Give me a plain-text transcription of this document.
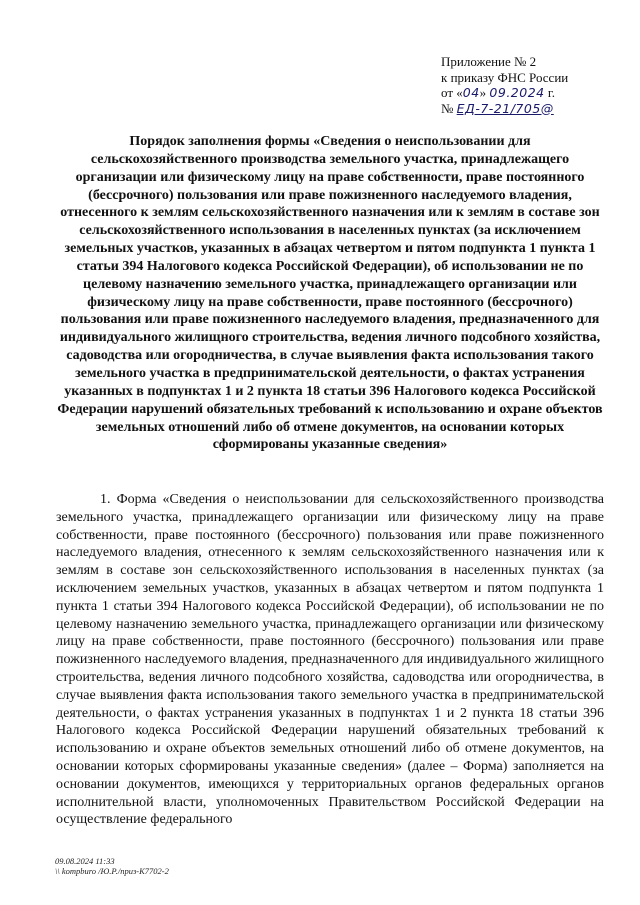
Приложение № 2
к приказу ФНС России
от «04» 09.2024 г.
№ ЕД-7-21/705@
Порядок заполнения формы «Сведения о неиспользовании для сельскохозяйственного производства земельного участка, принадлежащего организации или физическому лицу на праве собственности, праве постоянного (бессрочного) пользования или праве пожизненного наследуемого владения, отнесенного к землям сельскохозяйственного назначения или к землям в составе зон сельскохозяйственного использования в населенных пунктах (за исключением земельных участков, указанных в абзацах четвертом и пятом подпункта 1 пункта 1 статьи 394 Налогового кодекса Российской Федерации), об использовании не по целевому назначению земельного участка, принадлежащего организации или физическому лицу на праве собственности, праве постоянного (бессрочного) пользования или праве пожизненного наследуемого владения, предназначенного для индивидуального жилищного строительства, ведения личного подсобного хозяйства, садоводства или огородничества, в случае выявления факта использования такого земельного участка в предпринимательской деятельности, о фактах устранения указанных в подпунктах 1 и 2 пункта 18 статьи 396 Налогового кодекса Российской Федерации нарушений обязательных требований к использованию и охране объектов земельных отношений либо об отмене документов, на основании которых сформированы указанные сведения»

1. Форма «Сведения о неиспользовании для сельскохозяйственного производства земельного участка, принадлежащего организации или физическому лицу на праве собственности, праве постоянного (бессрочного) пользования или праве пожизненного наследуемого владения, отнесенного к землям сельскохозяйственного назначения или к землям в составе зон сельскохозяйственного использования в населенных пунктах (за исключением земельных участков, указанных в абзацах четвертом и пятом подпункта 1 пункта 1 статьи 394 Налогового кодекса Российской Федерации), об использовании не по целевому назначению земельного участка, принадлежащего организации или физическому лицу на праве собственности, праве постоянного (бессрочного) пользования или праве пожизненного наследуемого владения, предназначенного для индивидуального жилищного строительства, ведения личного подсобного хозяйства, садоводства или огородничества, в случае выявления факта использования такого земельного участка в предпринимательской деятельности, о фактах устранения указанных в подпунктах 1 и 2 пункта 18 статьи 396 Налогового кодекса Российской Федерации нарушений обязательных требований к использованию и охране объектов земельных отношений либо об отмене документов, на основании которых сформированы указанные сведения» (далее – Форма) заполняется на основании документов, имеющихся у территориальных органов федеральных органов исполнительной власти, уполномоченных Правительством Российской Федерации на осуществление федерального

09.08.2024 11:33
\\ kompburo /Ю.Р./приз-К7702-2
